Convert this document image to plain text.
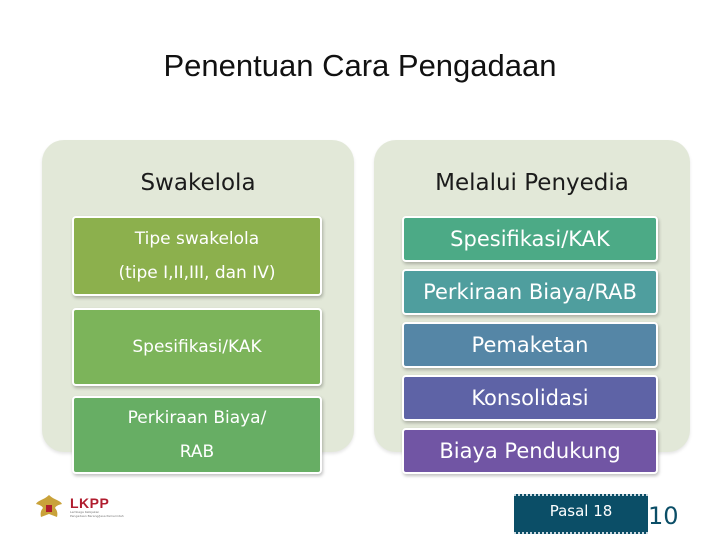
Penentuan Cara Pengadaan
Swakelola	Melalui Penyedia
Tipe swakelola
(tipe I,II,III, dan IV)
Spesifikasi/KAK
Perkiraan Biaya/
RAB
Spesifikasi/KAK
Perkiraan Biaya/RAB
Pemaketan
Konsolidasi
Biaya Pendukung
LKPP
Lembaga Kebijakan
Pengadaan Barang/Jasa Pemerintah	Pasal 18	10
